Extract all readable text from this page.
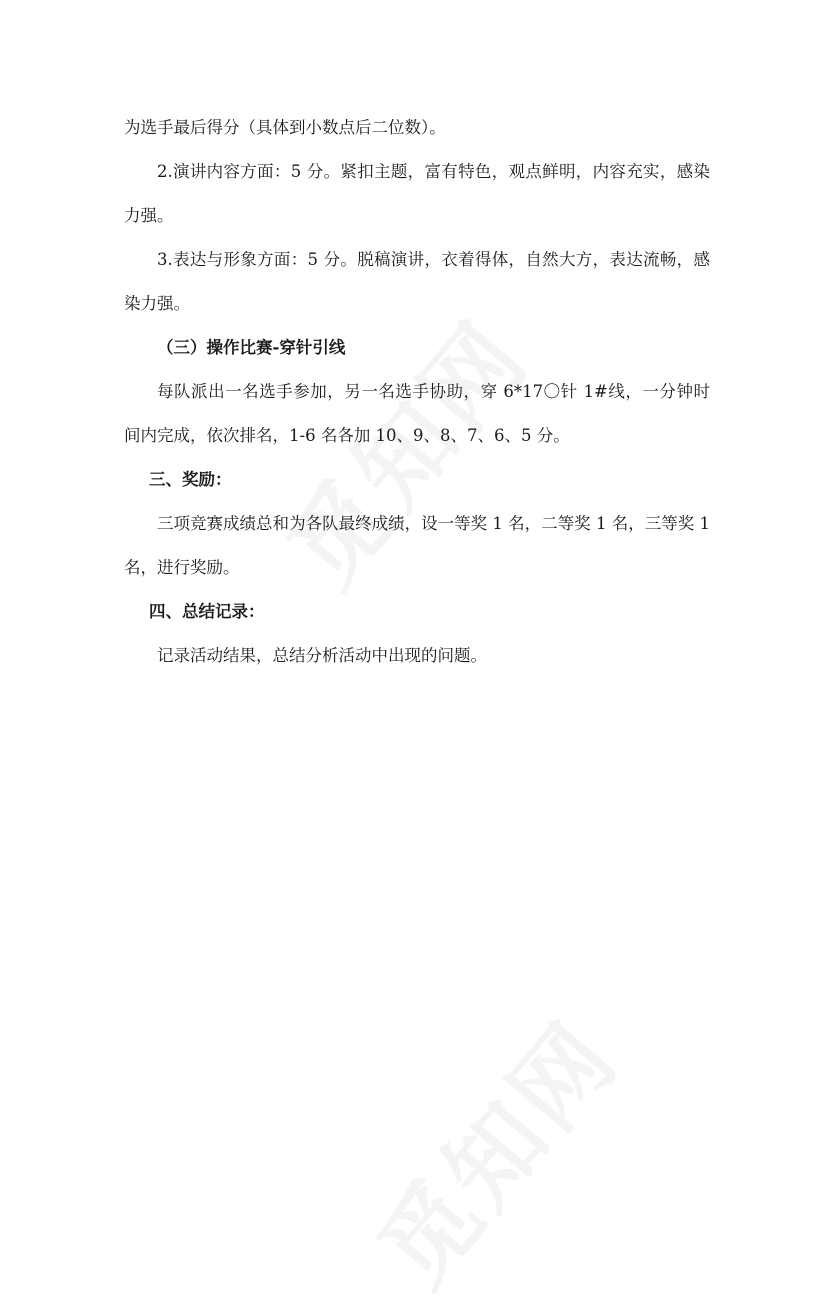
为选手最后得分（具体到小数点后二位数）。

2.演讲内容方面：5 分。紧扣主题，富有特色，观点鲜明，内容充实，感染力强。

3.表达与形象方面：5 分。脱稿演讲，衣着得体，自然大方，表达流畅，感染力强。

（三）操作比赛-穿针引线

每队派出一名选手参加，另一名选手协助，穿 6*17〇针 1#线，一分钟时间内完成，依次排名，1-6 名各加 10、9、8、7、6、5 分。

三、奖励：

三项竞赛成绩总和为各队最终成绩，设一等奖 1 名，二等奖 1 名，三等奖 1 名，进行奖励。

四、总结记录：

记录活动结果，总结分析活动中出现的问题。
